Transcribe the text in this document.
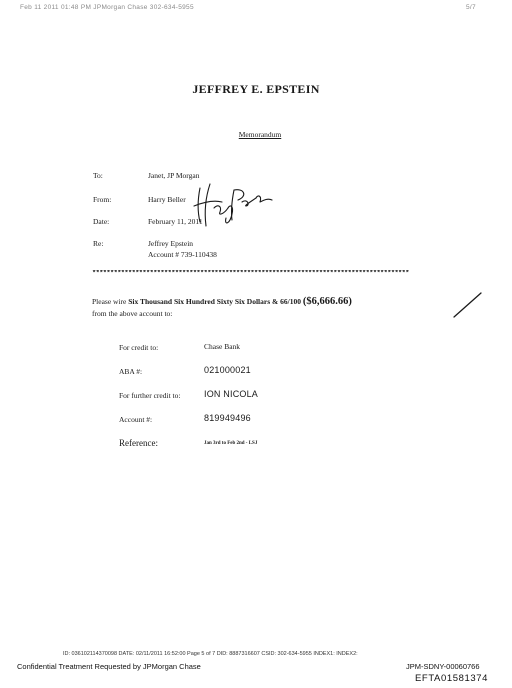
Feb 11 2011 01:48 PM JPMorgan Chase 302-634-5955	5/7
JEFFREY E. EPSTEIN
Memorandum
To:	Janet, JP Morgan
From:	Harry Beller
Date:	February 11, 2011
Re:	Jeffrey Epstein
Account # 739-110438
****************************************************************************************
Please wire Six Thousand Six Hundred Sixty Six Dollars & 66/100 ($6,666.66)
from the above account to:
For credit to:	Chase Bank
ABA #:	021000021
For further credit to:	ION NICOLA
Account #:	819949496
Reference:	Jan 3rd to Feb 2nd - LSJ
ID: 036102114370098 DATE: 02/11/2011 16:52:00 Page 5 of 7 DID: 8887316607 CSID: 302-634-5955 INDEX1: INDEX2:
Confidential Treatment Requested by JPMorgan Chase	JPM-SDNY-00060766
EFTA01581374
